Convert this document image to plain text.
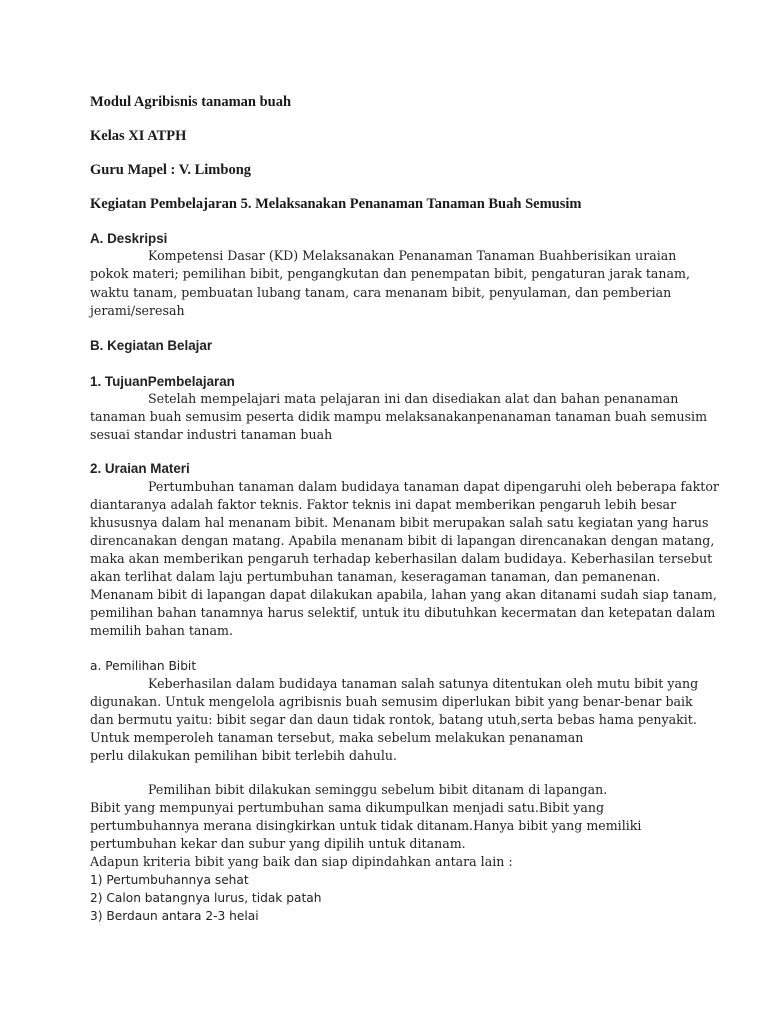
Modul Agribisnis tanaman buah
Kelas XI ATPH
Guru Mapel : V. Limbong
Kegiatan Pembelajaran 5. Melaksanakan Penanaman Tanaman Buah Semusim
A. Deskripsi
Kompetensi Dasar (KD) Melaksanakan Penanaman Tanaman Buahberisikan uraian
pokok materi; pemilihan bibit, pengangkutan dan penempatan bibit, pengaturan jarak tanam,
waktu tanam, pembuatan lubang tanam, cara menanam bibit, penyulaman, dan pemberian
jerami/seresah
B. Kegiatan Belajar
1. TujuanPembelajaran
Setelah mempelajari mata pelajaran ini dan disediakan alat dan bahan penanaman
tanaman buah semusim peserta didik mampu melaksanakanpenanaman tanaman buah semusim
sesuai standar industri tanaman buah
2. Uraian Materi
Pertumbuhan tanaman dalam budidaya tanaman dapat dipengaruhi oleh beberapa faktor
diantaranya adalah faktor teknis. Faktor teknis ini dapat memberikan pengaruh lebih besar
khususnya dalam hal menanam bibit. Menanam bibit merupakan salah satu kegiatan yang harus
direncanakan dengan matang. Apabila menanam bibit di lapangan direncanakan dengan matang,
maka akan memberikan pengaruh terhadap keberhasilan dalam budidaya. Keberhasilan tersebut
akan terlihat dalam laju pertumbuhan tanaman, keseragaman tanaman, dan pemanenan.
Menanam bibit di lapangan dapat dilakukan apabila, lahan yang akan ditanami sudah siap tanam,
pemilihan bahan tanamnya harus selektif, untuk itu dibutuhkan kecermatan dan ketepatan dalam
memilih bahan tanam.
a. Pemilihan Bibit
Keberhasilan dalam budidaya tanaman salah satunya ditentukan oleh mutu bibit yang
digunakan. Untuk mengelola agribisnis buah semusim diperlukan bibit yang benar-benar baik
dan bermutu yaitu: bibit segar dan daun tidak rontok, batang utuh,serta bebas hama penyakit.
Untuk memperoleh tanaman tersebut, maka sebelum melakukan penanaman
perlu dilakukan pemilihan bibit terlebih dahulu.
Pemilihan bibit dilakukan seminggu sebelum bibit ditanam di lapangan.
Bibit yang mempunyai pertumbuhan sama dikumpulkan menjadi satu.Bibit yang
pertumbuhannya merana disingkirkan untuk tidak ditanam.Hanya bibit yang memiliki
pertumbuhan kekar dan subur yang dipilih untuk ditanam.
Adapun kriteria bibit yang baik dan siap dipindahkan antara lain :
1) Pertumbuhannya sehat
2) Calon batangnya lurus, tidak patah
3) Berdaun antara 2-3 helai
